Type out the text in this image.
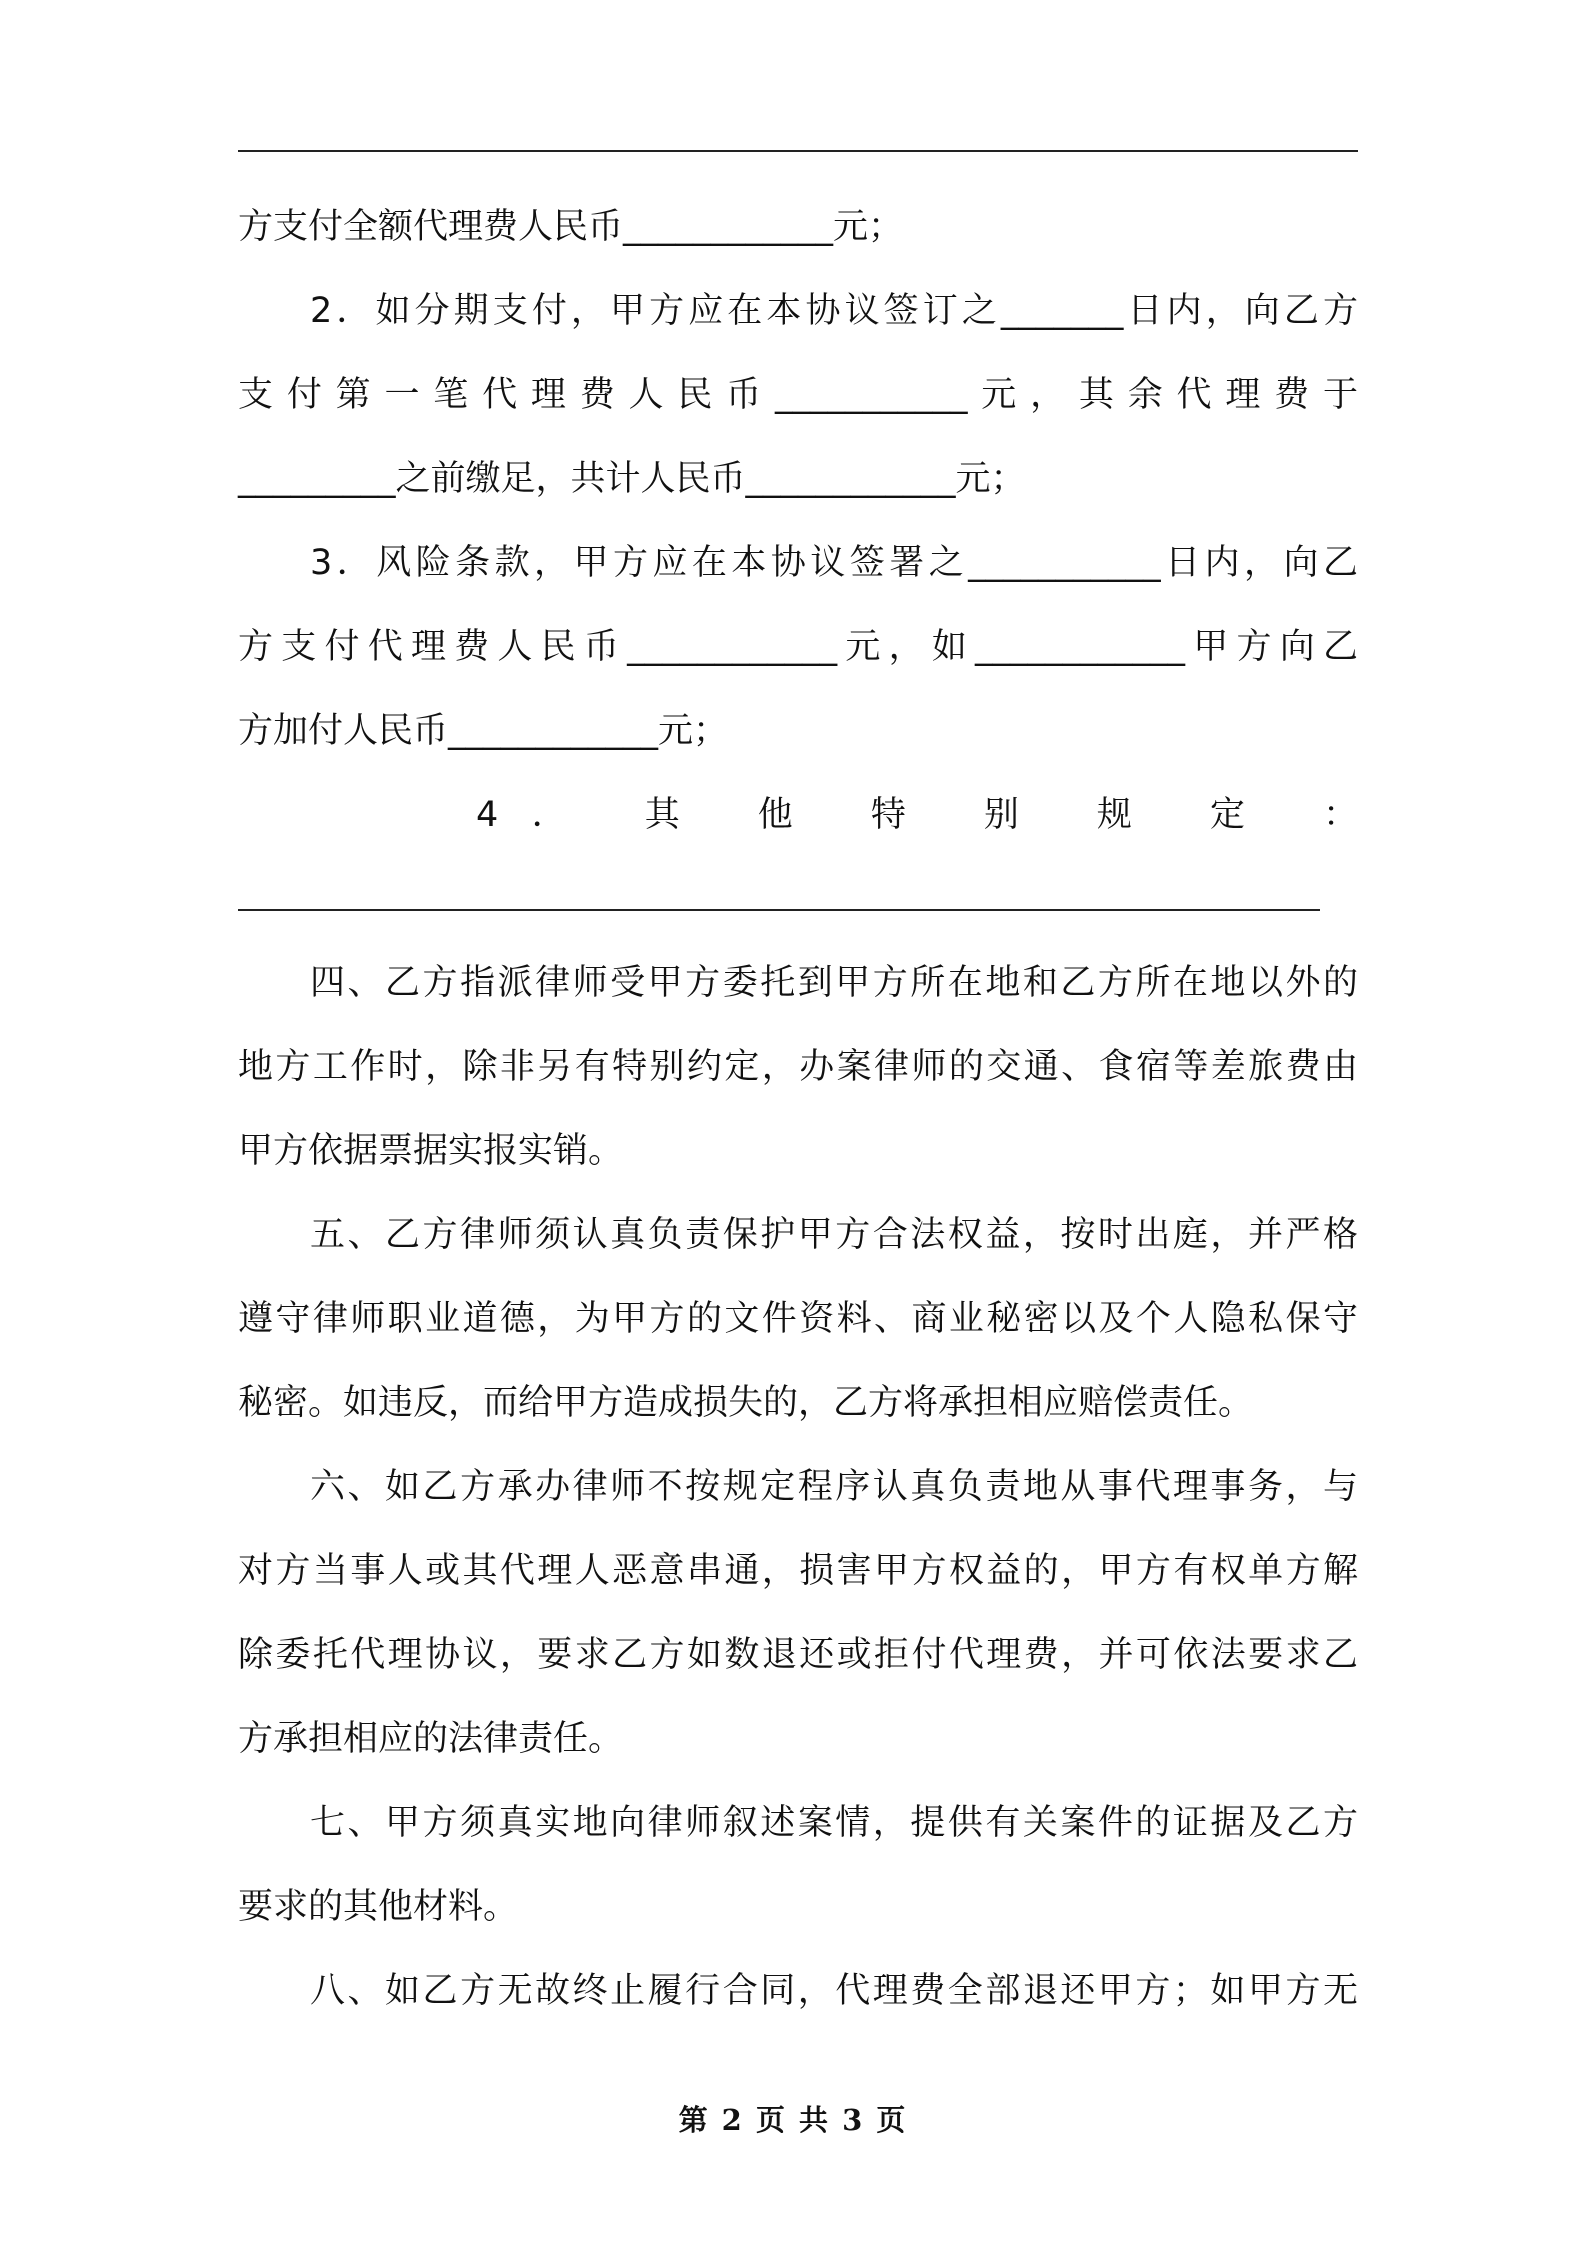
方支付全额代理费人民币____________元；

2．如分期支付，甲方应在本协议签订之_______日内，向乙方

支付第一笔代理费人民币___________元，其余代理费于

_________之前缴足，共计人民币____________元；

3．风险条款，甲方应在本协议签署之___________日内，向乙

方支付代理费人民币____________元，如____________甲方向乙

方加付人民币____________元；

4． 其 他 特 别 规 定 ：

四、乙方指派律师受甲方委托到甲方所在地和乙方所在地以外的

地方工作时，除非另有特别约定，办案律师的交通、食宿等差旅费由

甲方依据票据实报实销。

五、乙方律师须认真负责保护甲方合法权益，按时出庭，并严格

遵守律师职业道德，为甲方的文件资料、商业秘密以及个人隐私保守

秘密。如违反，而给甲方造成损失的，乙方将承担相应赔偿责任。

六、如乙方承办律师不按规定程序认真负责地从事代理事务，与

对方当事人或其代理人恶意串通，损害甲方权益的，甲方有权单方解

除委托代理协议，要求乙方如数退还或拒付代理费，并可依法要求乙

方承担相应的法律责任。

七、甲方须真实地向律师叙述案情，提供有关案件的证据及乙方

要求的其他材料。

八、如乙方无故终止履行合同，代理费全部退还甲方；如甲方无

第 2 页 共 3 页
